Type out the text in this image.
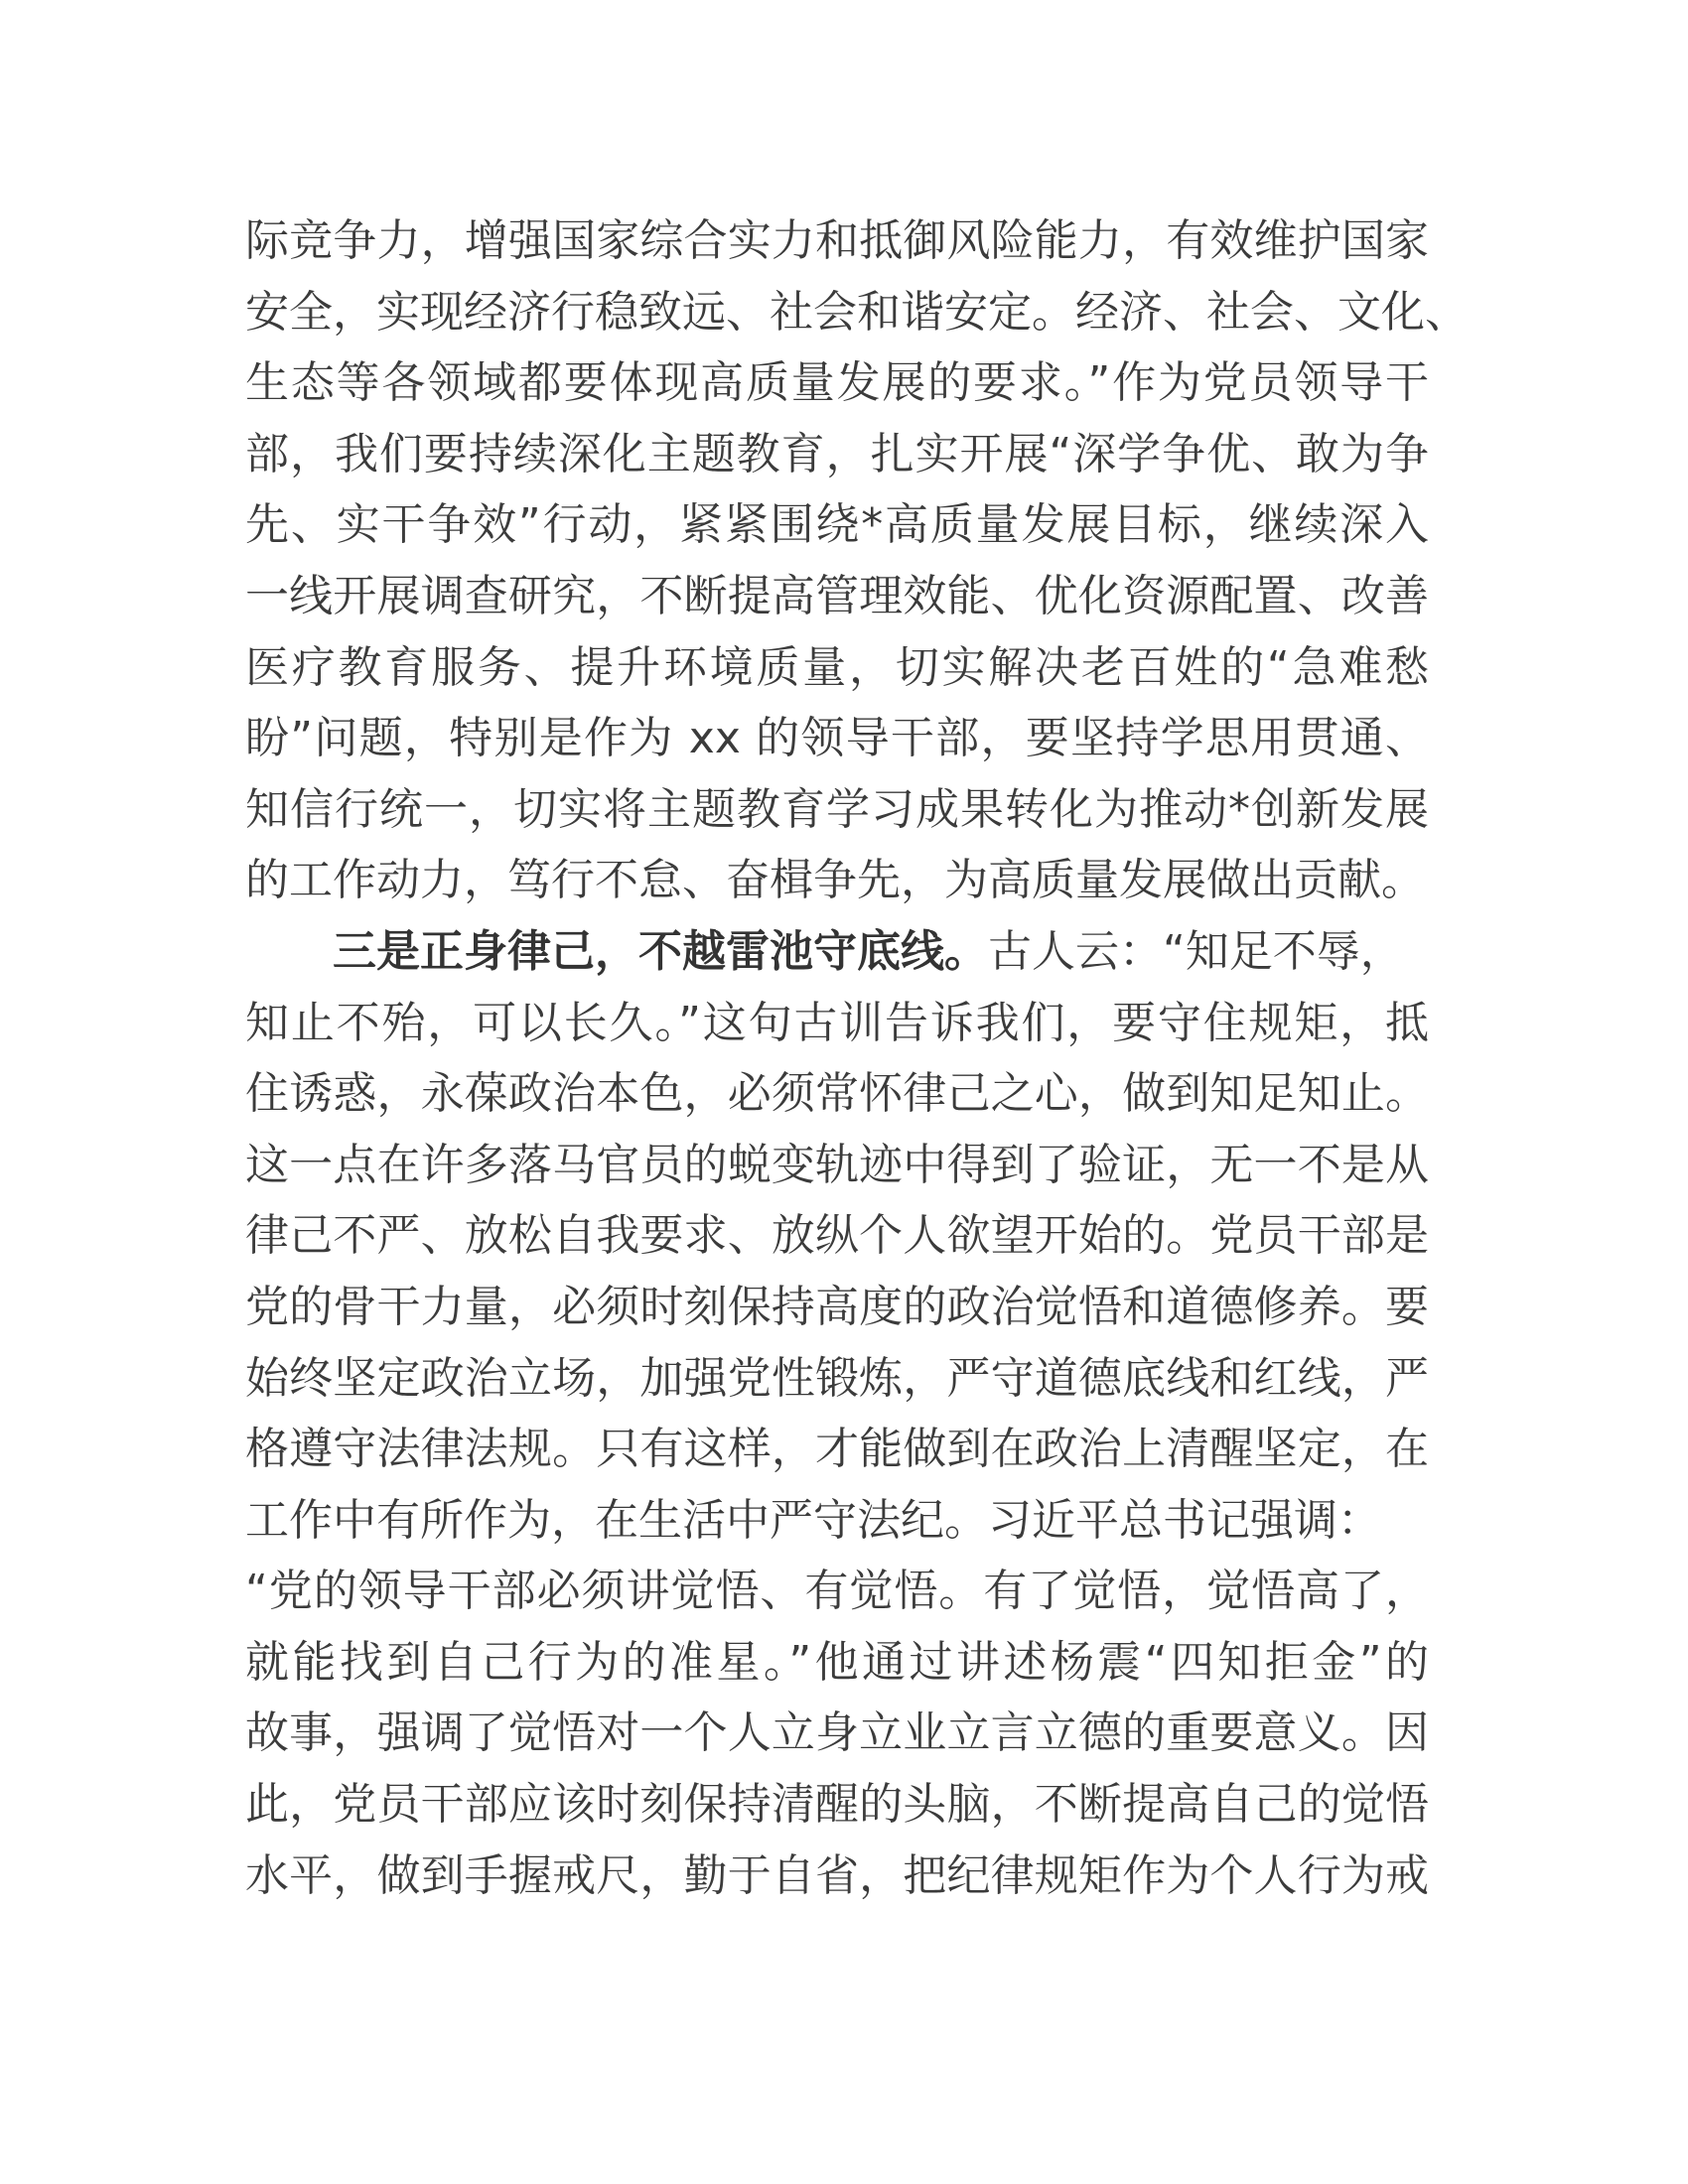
际竞争力，增强国家综合实力和抵御风险能力，有效维护国家
安全，实现经济行稳致远、社会和谐安定。经济、社会、文化、
生态等各领域都要体现高质量发展的要求。”作为党员领导干
部，我们要持续深化主题教育，扎实开展“深学争优、敢为争
先、实干争效”行动，紧紧围绕*高质量发展目标，继续深入
一线开展调查研究，不断提高管理效能、优化资源配置、改善
医疗教育服务、提升环境质量，切实解决老百姓的“急难愁
盼”问题，特别是作为 xx 的领导干部，要坚持学思用贯通、
知信行统一，切实将主题教育学习成果转化为推动*创新发展
的工作动力，笃行不怠、奋楫争先，为高质量发展做出贡献。
三是正身律己，不越雷池守底线。古人云：“知足不辱，
知止不殆，可以长久。”这句古训告诉我们，要守住规矩，抵
住诱惑，永葆政治本色，必须常怀律己之心，做到知足知止。
这一点在许多落马官员的蜕变轨迹中得到了验证，无一不是从
律己不严、放松自我要求、放纵个人欲望开始的。党员干部是
党的骨干力量，必须时刻保持高度的政治觉悟和道德修养。要
始终坚定政治立场，加强党性锻炼，严守道德底线和红线，严
格遵守法律法规。只有这样，才能做到在政治上清醒坚定，在
工作中有所作为，在生活中严守法纪。习近平总书记强调：
“党的领导干部必须讲觉悟、有觉悟。有了觉悟，觉悟高了，
就能找到自己行为的准星。”他通过讲述杨震“四知拒金”的
故事，强调了觉悟对一个人立身立业立言立德的重要意义。因
此，党员干部应该时刻保持清醒的头脑，不断提高自己的觉悟
水平，做到手握戒尺，勤于自省，把纪律规矩作为个人行为戒
